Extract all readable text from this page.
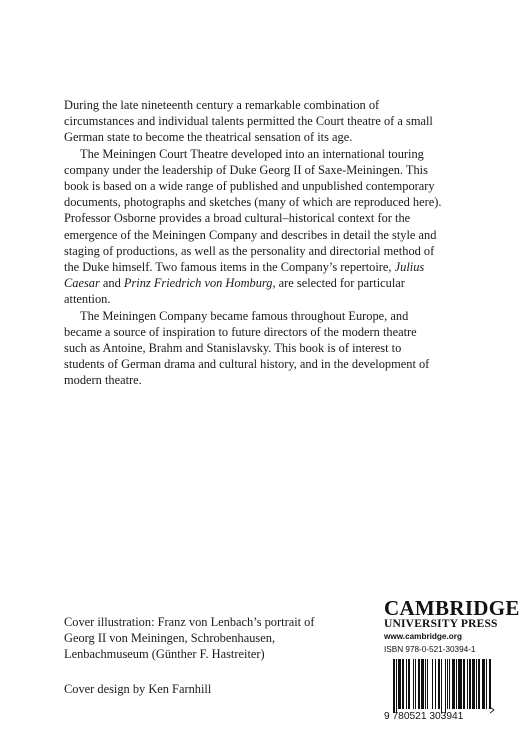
During the late nineteenth century a remarkable combination of circumstances and individual talents permitted the Court theatre of a small German state to become the theatrical sensation of its age.

The Meiningen Court Theatre developed into an international touring company under the leadership of Duke Georg II of Saxe-Meiningen. This book is based on a wide range of published and unpublished contemporary documents, photographs and sketches (many of which are reproduced here). Professor Osborne provides a broad cultural–historical context for the emergence of the Meiningen Company and describes in detail the style and staging of productions, as well as the personality and directorial method of the Duke himself. Two famous items in the Company’s repertoire, Julius Caesar and Prinz Friedrich von Homburg, are selected for particular attention.

The Meiningen Company became famous throughout Europe, and became a source of inspiration to future directors of the modern theatre such as Antoine, Brahm and Stanislavsky. This book is of interest to students of German drama and cultural history, and in the development of modern theatre.

Cover illustration: Franz von Lenbach’s portrait of Georg II von Meiningen, Schrobenhausen, Lenbachmuseum (Günther F. Hastreiter)
Cover design by Ken Farnhill
CAMBRIDGE
UNIVERSITY PRESS
www.cambridge.org
ISBN 978-0-521-30394-1
9 780521 303941
